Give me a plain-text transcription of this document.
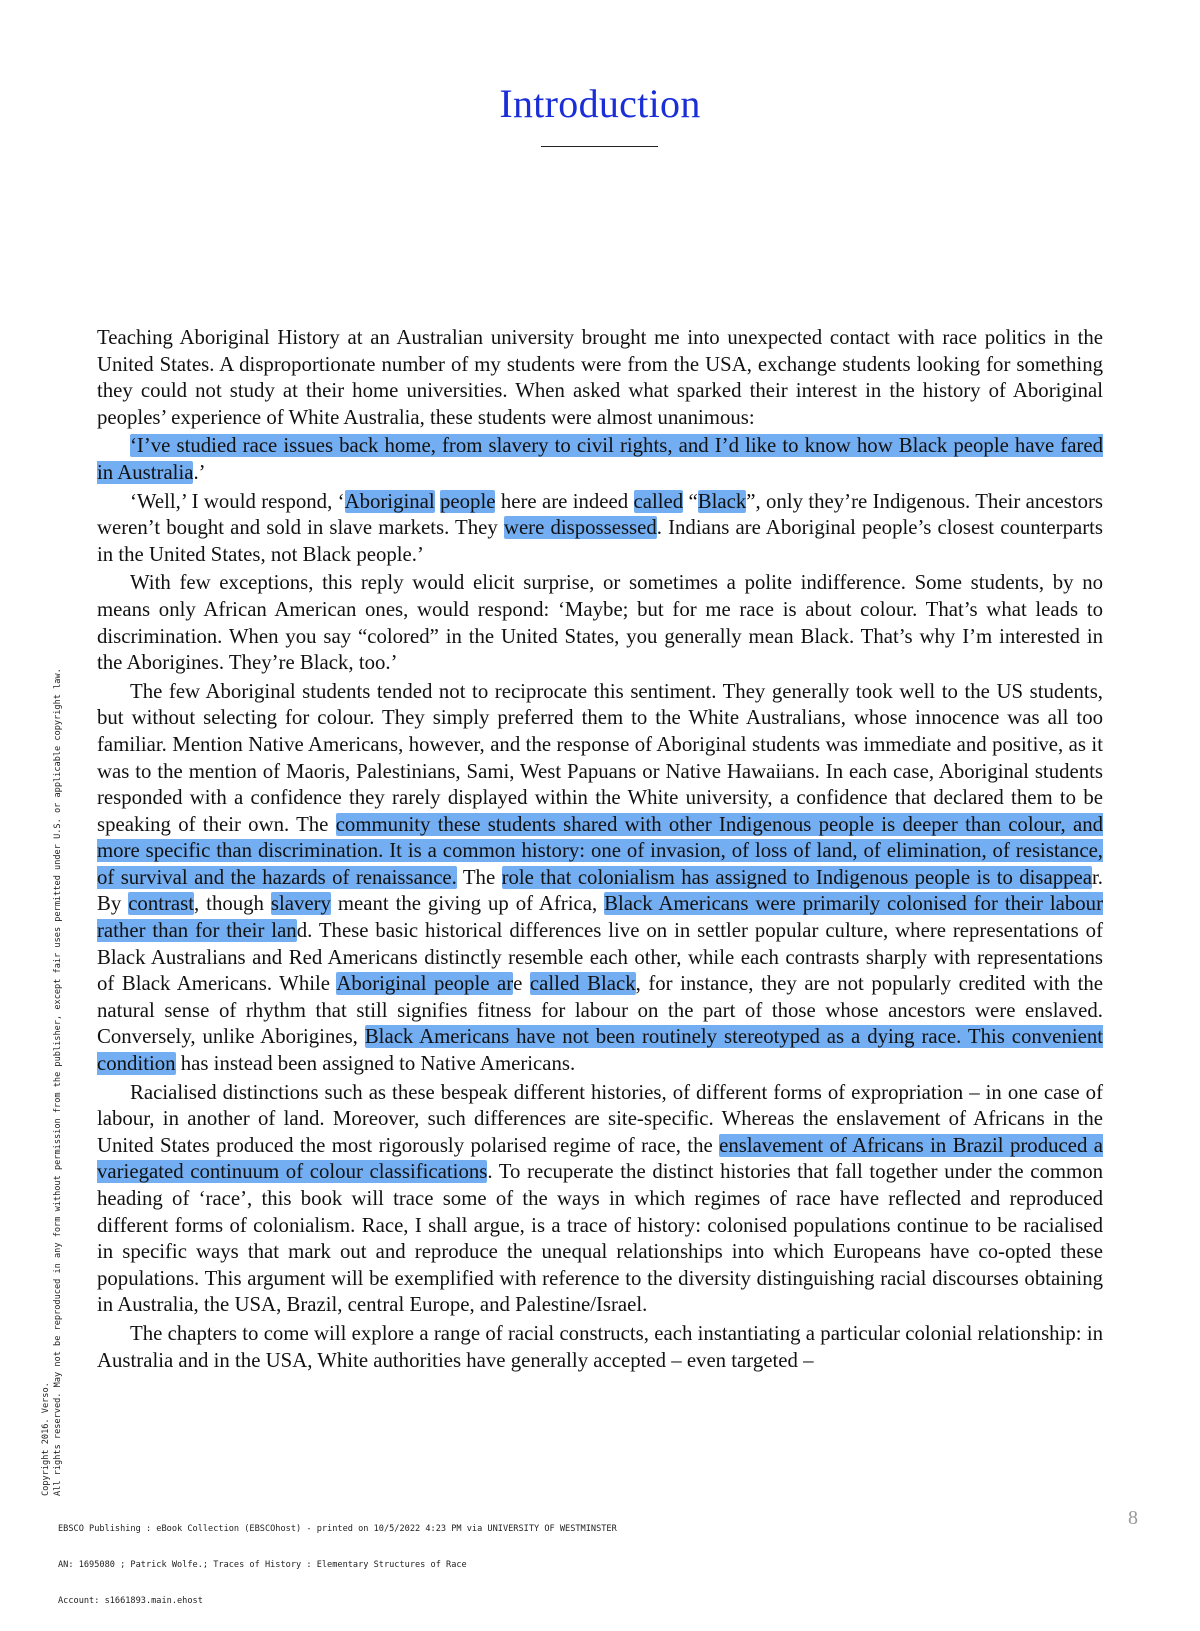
Introduction

Teaching Aboriginal History at an Australian university brought me into unexpected contact with race politics in the United States. A disproportionate number of my students were from the USA, exchange students looking for something they could not study at their home universities. When asked what sparked their interest in the history of Aboriginal peoples’ experience of White Australia, these students were almost unanimous:

‘I’ve studied race issues back home, from slavery to civil rights, and I’d like to know how Black people have fared in Australia.’

‘Well,’ I would respond, ‘Aboriginal people here are indeed called “Black”, only they’re Indigenous. Their ancestors weren’t bought and sold in slave markets. They were dispossessed. Indians are Aboriginal people’s closest counterparts in the United States, not Black people.’

With few exceptions, this reply would elicit surprise, or sometimes a polite indifference. Some students, by no means only African American ones, would respond: ‘Maybe; but for me race is about colour. That’s what leads to discrimination. When you say “colored” in the United States, you generally mean Black. That’s why I’m interested in the Aborigines. They’re Black, too.’

The few Aboriginal students tended not to reciprocate this sentiment. They generally took well to the US students, but without selecting for colour. They simply preferred them to the White Australians, whose innocence was all too familiar. Mention Native Americans, however, and the response of Aboriginal students was immediate and positive, as it was to the mention of Maoris, Palestinians, Sami, West Papuans or Native Hawaiians. In each case, Aboriginal students responded with a confidence they rarely displayed within the White university, a confidence that declared them to be speaking of their own. The community these students shared with other Indigenous people is deeper than colour, and more specific than discrimination. It is a common history: one of invasion, of loss of land, of elimination, of resistance, of survival and the hazards of renaissance. The role that colonialism has assigned to Indigenous people is to disappear. By contrast, though slavery meant the giving up of Africa, Black Americans were primarily colonised for their labour rather than for their land. These basic historical differences live on in settler popular culture, where representations of Black Australians and Red Americans distinctly resemble each other, while each contrasts sharply with representations of Black Americans. While Aboriginal people are called Black, for instance, they are not popularly credited with the natural sense of rhythm that still signifies fitness for labour on the part of those whose ancestors were enslaved. Conversely, unlike Aborigines, Black Americans have not been routinely stereotyped as a dying race. This convenient condition has instead been assigned to Native Americans.

Racialised distinctions such as these bespeak different histories, of different forms of expropriation – in one case of labour, in another of land. Moreover, such differences are site-specific. Whereas the enslavement of Africans in the United States produced the most rigorously polarised regime of race, the enslavement of Africans in Brazil produced a variegated continuum of colour classifications. To recuperate the distinct histories that fall together under the common heading of ‘race’, this book will trace some of the ways in which regimes of race have reflected and reproduced different forms of colonialism. Race, I shall argue, is a trace of history: colonised populations continue to be racialised in specific ways that mark out and reproduce the unequal relationships into which Europeans have co-opted these populations. This argument will be exemplified with reference to the diversity distinguishing racial discourses obtaining in Australia, the USA, Brazil, central Europe, and Palestine/Israel.

The chapters to come will explore a range of racial constructs, each instantiating a particular colonial relationship: in Australia and in the USA, White authorities have generally accepted – even targeted –

Copyright 2016. Verso. All rights reserved. May not be reproduced in any form without permission from the publisher, except fair uses permitted under U.S. or applicable copyright law.

EBSCO Publishing : eBook Collection (EBSCOhost) - printed on 10/5/2022 4:23 PM via UNIVERSITY OF WESTMINSTER

AN: 1695080 ; Patrick Wolfe.; Traces of History : Elementary Structures of Race

Account: s1661893.main.ehost

8
